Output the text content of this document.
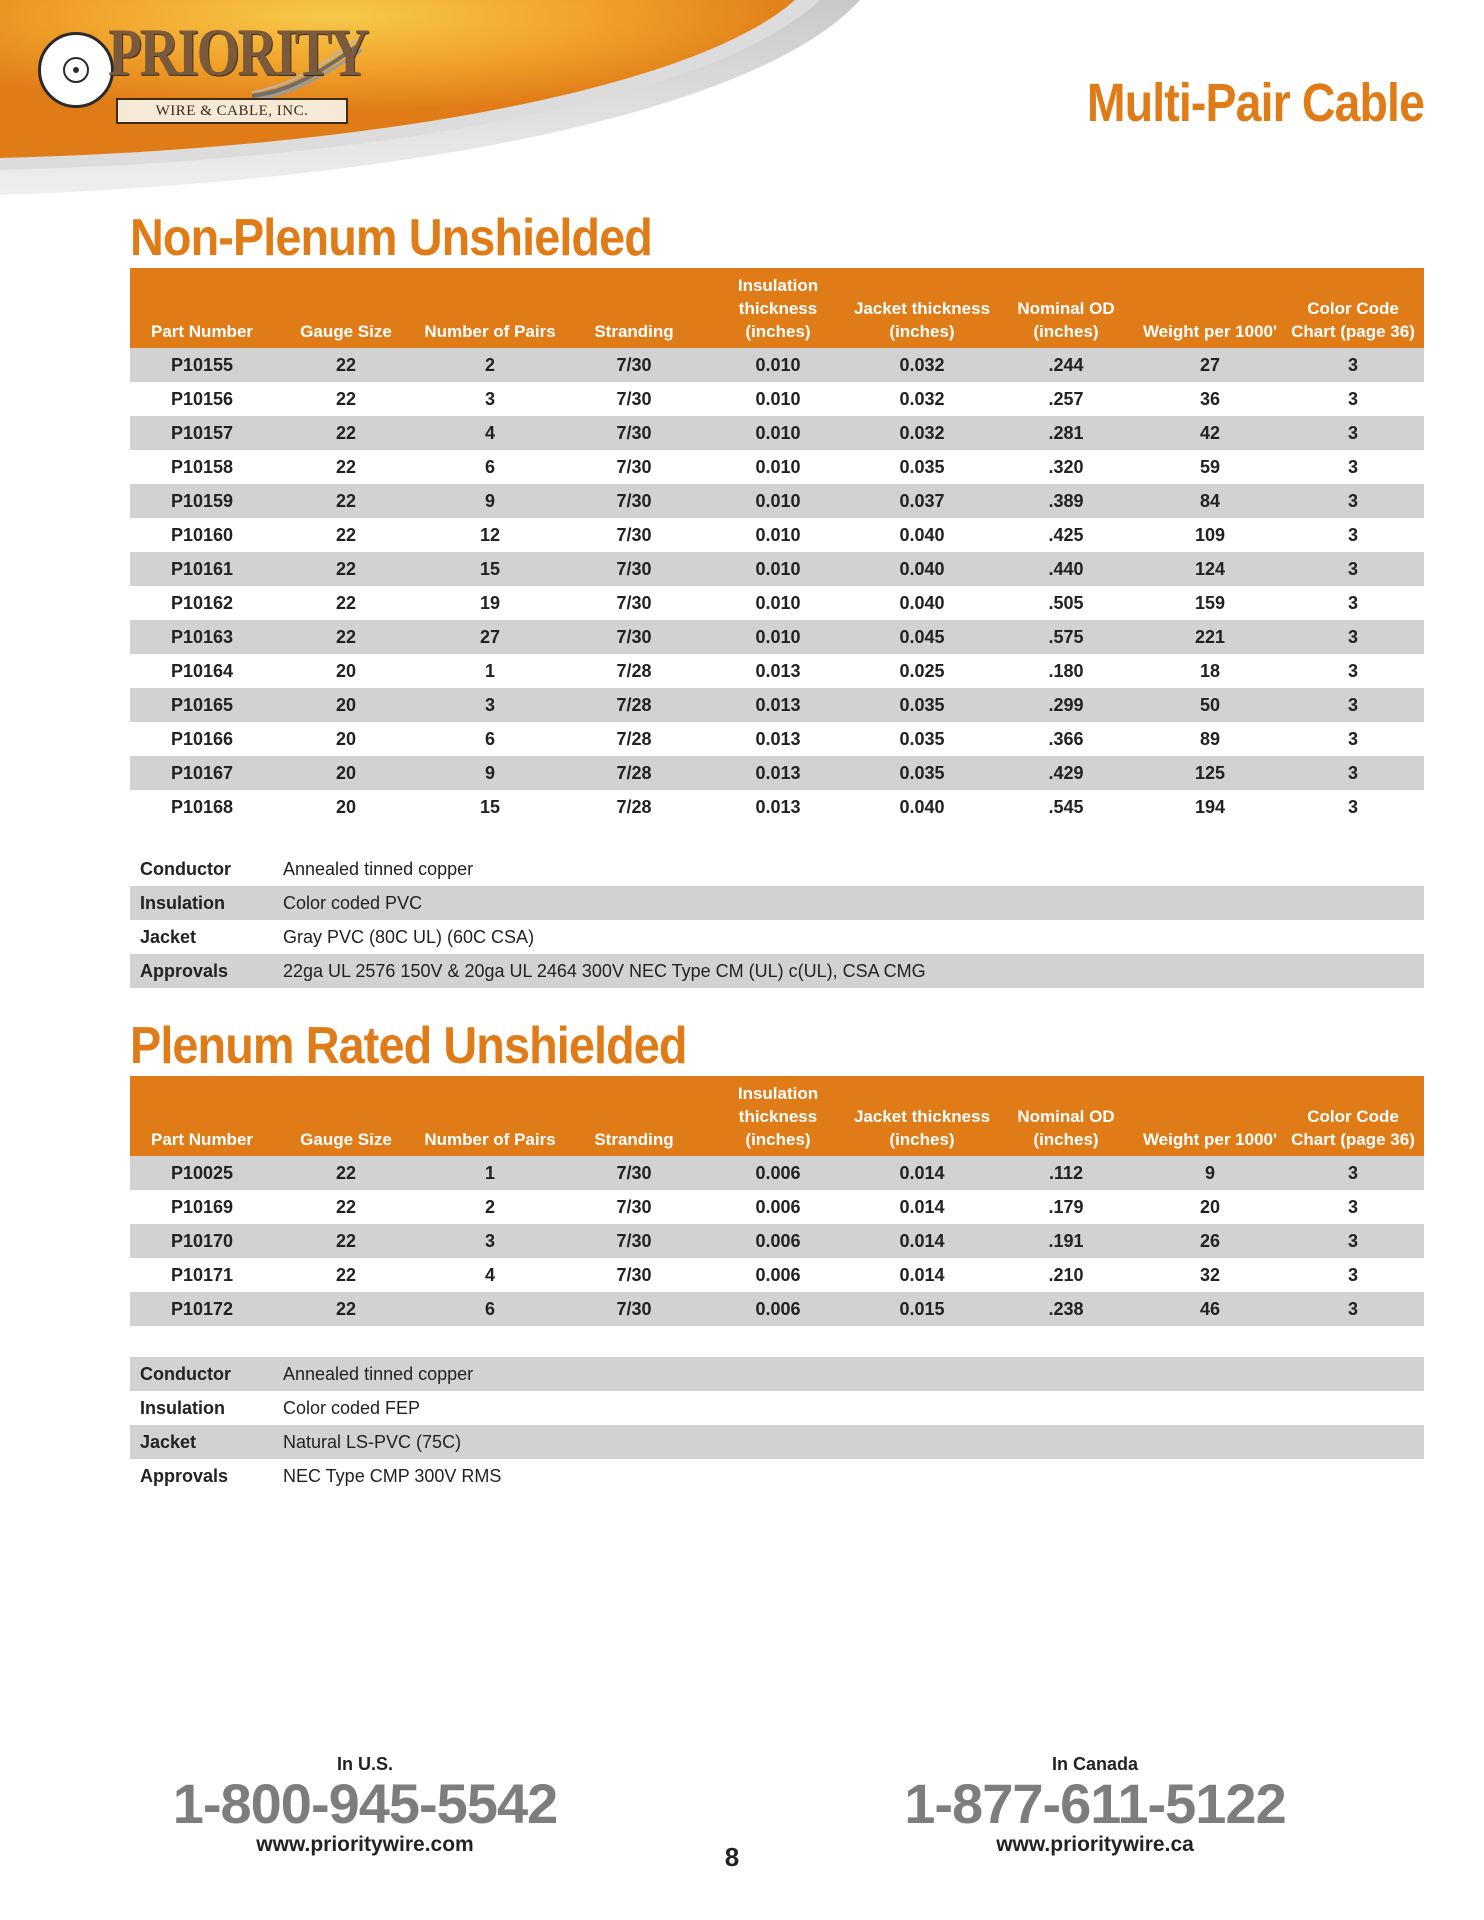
PRIORITY
WIRE & CABLE, INC.	Multi-Pair Cable
Non-Plenum Unshielded
Part Number	Gauge Size	Number of Pairs	Stranding	Insulation thickness (inches)	Jacket thickness (inches)	Nominal OD (inches)	Weight per 1000'	Color Code Chart (page 36)
P10155	22	2	7/30	0.010	0.032	.244	27	3
P10156	22	3	7/30	0.010	0.032	.257	36	3
P10157	22	4	7/30	0.010	0.032	.281	42	3
P10158	22	6	7/30	0.010	0.035	.320	59	3
P10159	22	9	7/30	0.010	0.037	.389	84	3
P10160	22	12	7/30	0.010	0.040	.425	109	3
P10161	22	15	7/30	0.010	0.040	.440	124	3
P10162	22	19	7/30	0.010	0.040	.505	159	3
P10163	22	27	7/30	0.010	0.045	.575	221	3
P10164	20	1	7/28	0.013	0.025	.180	18	3
P10165	20	3	7/28	0.013	0.035	.299	50	3
P10166	20	6	7/28	0.013	0.035	.366	89	3
P10167	20	9	7/28	0.013	0.035	.429	125	3
P10168	20	15	7/28	0.013	0.040	.545	194	3
Conductor	Annealed tinned copper
Insulation	Color coded PVC
Jacket	Gray PVC (80C UL) (60C CSA)
Approvals	22ga UL 2576 150V & 20ga UL 2464 300V NEC Type CM (UL) c(UL), CSA CMG
Plenum Rated Unshielded
Part Number	Gauge Size	Number of Pairs	Stranding	Insulation thickness (inches)	Jacket thickness (inches)	Nominal OD (inches)	Weight per 1000'	Color Code Chart (page 36)
P10025	22	1	7/30	0.006	0.014	.112	9	3
P10169	22	2	7/30	0.006	0.014	.179	20	3
P10170	22	3	7/30	0.006	0.014	.191	26	3
P10171	22	4	7/30	0.006	0.014	.210	32	3
P10172	22	6	7/30	0.006	0.015	.238	46	3
Conductor	Annealed tinned copper
Insulation	Color coded FEP
Jacket	Natural LS-PVC (75C)
Approvals	NEC Type CMP 300V RMS
In U.S.
1-800-945-5542
www.prioritywire.com
In Canada
1-877-611-5122
www.prioritywire.ca
8
